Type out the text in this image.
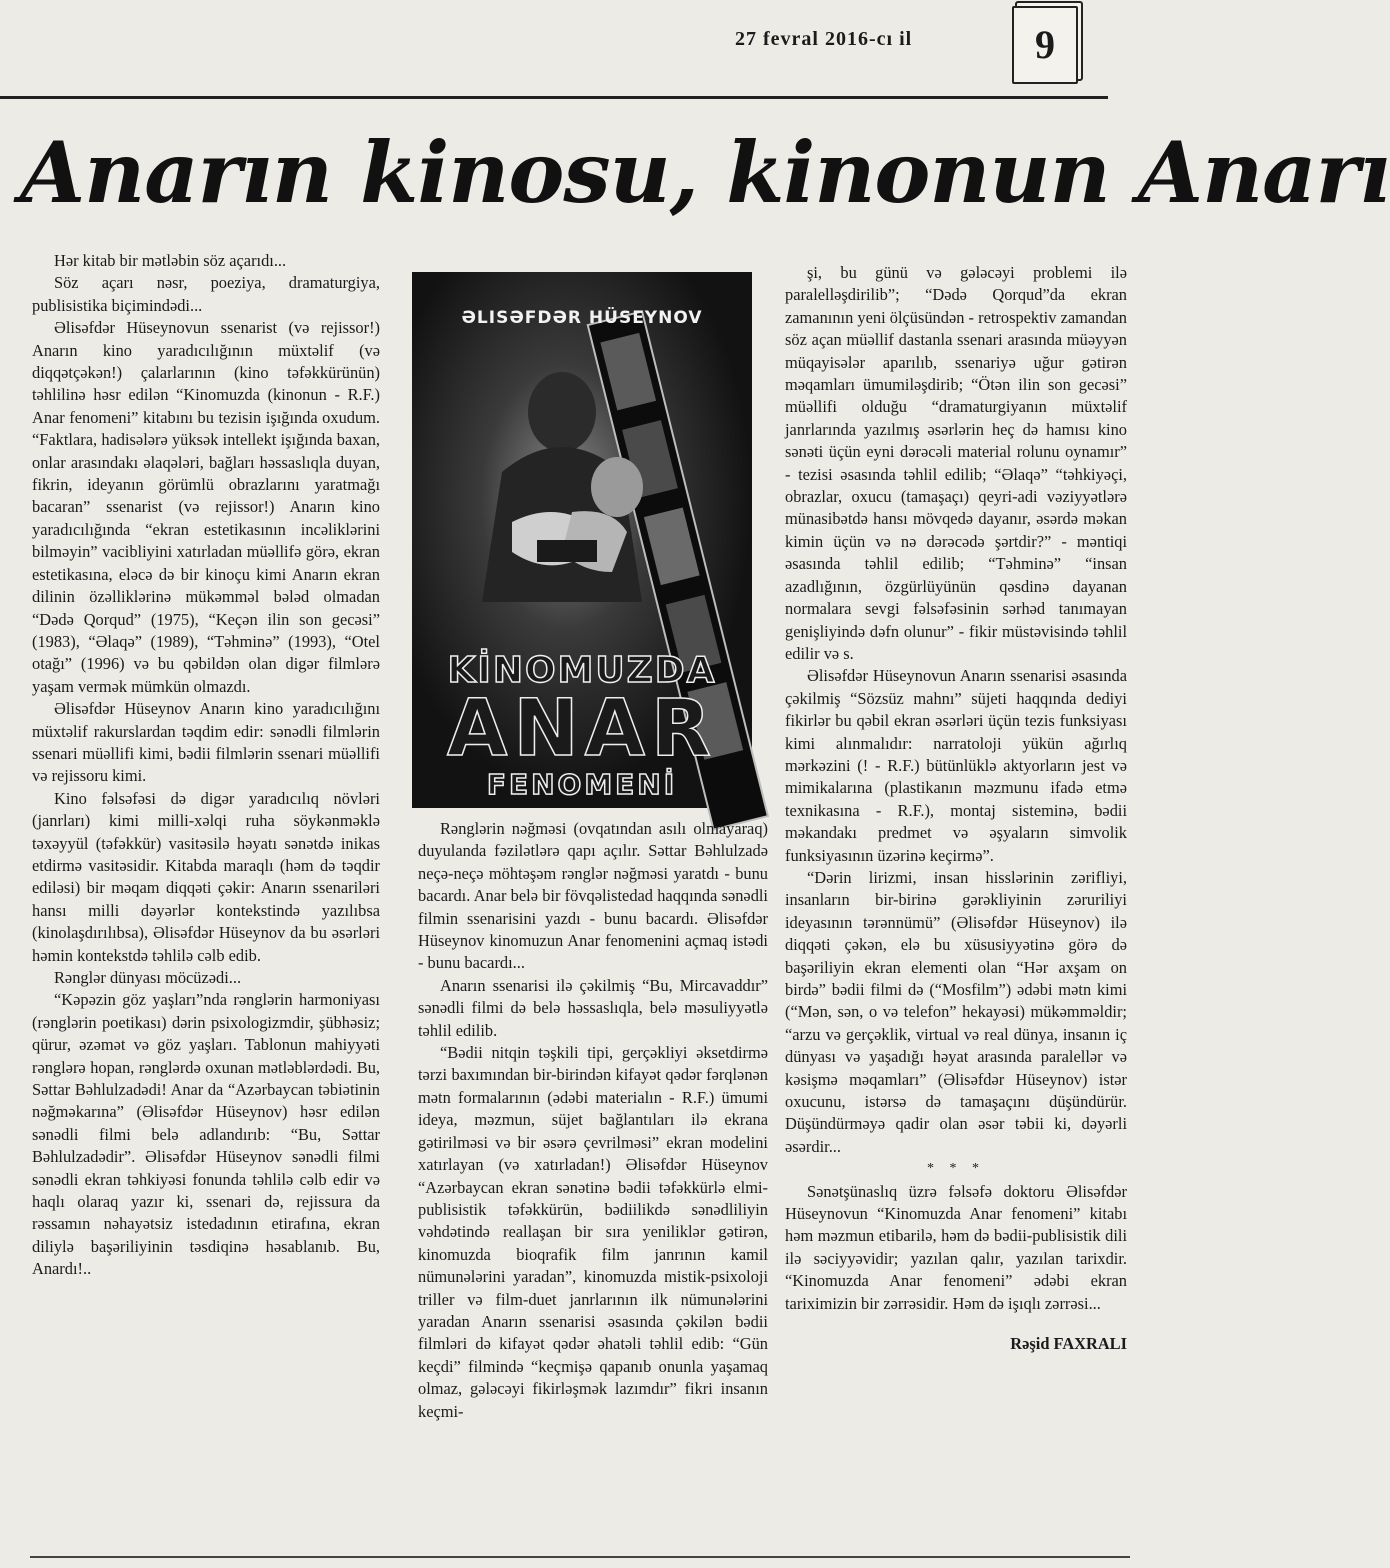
27 fevral 2016-cı il	9
Anarın kinosu, kinonun Anarı

Hər kitab bir mətləbin söz açarıdı...

Söz açarı nəsr, poeziya, dramaturgiya, publisistika biçimindədi...

Əlisəfdər Hüseynovun ssenarist (və rejissor!) Anarın kino yaradıcılığının müxtəlif (və diqqətçəkən!) çalarlarının (kino təfəkkürünün) təhlilinə həsr edilən “Kinomuzda (kinonun - R.F.) Anar fenomeni” kitabını bu tezisin işığında oxudum. “Faktlara, hadisələrə yüksək intellekt işığında baxan, onlar arasındakı əlaqələri, bağları həssaslıqla duyan, fikrin, ideyanın görümlü obrazlarını yaratmağı bacaran” ssenarist (və rejissor!) Anarın kino yaradıcılığında “ekran estetikasının incəliklərini bilməyin” vacibliyini xatırladan müəllifə görə, ekran estetikasına, eləcə də bir kinoçu kimi Anarın ekran dilinin özəlliklərinə mükəmməl bələd olmadan “Dədə Qorqud” (1975), “Keçən ilin son gecəsi” (1983), “Əlaqə” (1989), “Təhminə” (1993), “Otel otağı” (1996) və bu qəbildən olan digər filmlərə yaşam vermək mümkün olmazdı.

Əlisəfdər Hüseynov Anarın kino yaradıcılığını müxtəlif rakurslardan təqdim edir: sənədli filmlərin ssenari müəllifi kimi, bədii filmlərin ssenari müəllifi və rejissoru kimi.

Kino fəlsəfəsi də digər yaradıcılıq növləri (janrları) kimi milli-xəlqi ruha söykənməklə təxəyyül (təfəkkür) vasitəsilə həyatı sənətdə inikas etdirmə vasitəsidir. Kitabda maraqlı (həm də təqdir ediləsi) bir məqam diqqəti çəkir: Anarın ssenariləri hansı milli dəyərlər kontekstində yazılıbsa (kinolaşdırılıbsa), Əlisəfdər Hüseynov da bu əsərləri həmin kontekstdə təhlilə cəlb edib.

Rənglər dünyası möcüzədi...

“Kəpəzin göz yaşları”nda rənglərin harmoniyası (rənglərin poetikası) dərin psixologizmdir, şübhəsiz; qürur, əzəmət və göz yaşları. Tablonun mahiyyəti rənglərə hopan, rənglərdə oxunan mətləblərdədi. Bu, Səttar Bəhlulzadədi! Anar da “Azərbaycan təbiətinin nəğməkarına” (Əlisəfdər Hüseynov) həsr edilən sənədli filmi belə adlandırıb: “Bu, Səttar Bəhlulzadədir”. Əlisəfdər Hüseynov sənədli filmi sənədli ekran təhkiyəsi fonunda təhlilə cəlb edir və haqlı olaraq yazır ki, ssenari də, rejissura da rəssamın nəhayətsiz istedadının etirafına, ekran diliylə başəriliyinin təsdiqinə həsablanıb. Bu, Anardı!..

ƏLISƏFDƏR HÜSEYNOV
KİNOMUZDA
ANAR
FENOMENİ

Rənglərin nəğməsi (ovqatından asılı olmayaraq) duyulanda fəzilətlərə qapı açılır. Səttar Bəhlulzadə neçə-neçə möhtəşəm rənglər nəğməsi yaratdı - bunu bacardı. Anar belə bir fövqəlistedad haqqında sənədli filmin ssenarisini yazdı - bunu bacardı. Əlisəfdər Hüseynov kinomuzun Anar fenomenini açmaq istədi - bunu bacardı...

Anarın ssenarisi ilə çəkilmiş “Bu, Mircavaddır” sənədli filmi də belə həssaslıqla, belə məsuliyyətlə təhlil edilib.

“Bədii nitqin təşkili tipi, gerçəkliyi əksetdirmə tərzi baxımından bir-birindən kifayət qədər fərqlənən mətn formalarının (ədəbi materialın - R.F.) ümumi ideya, məzmun, süjet bağlantıları ilə ekrana gətirilməsi və bir əsərə çevrilməsi” ekran modelini xatırlayan (və xatırladan!) Əlisəfdər Hüseynov “Azərbaycan ekran sənətinə bədii təfəkkürlə elmi-publisistik təfəkkürün, bədiilikdə sənədliliyin vəhdətində reallaşan bir sıra yeniliklər gətirən, kinomuzda bioqrafik film janrının kamil nümunələrini yaradan”, kinomuzda mistik-psixoloji triller və film-duet janrlarının ilk nümunələrini yaradan Anarın ssenarisi əsasında çəkilən bədii filmləri də kifayət qədər əhatəli təhlil edib: “Gün keçdi” filmində “keçmişə qapanıb onunla yaşamaq olmaz, gələcəyi fikirləşmək lazımdır” fikri insanın keçmi-

şi, bu günü və gələcəyi problemi ilə paralelləşdirilib”; “Dədə Qorqud”da ekran zamanının yeni ölçüsündən - retrospektiv zamandan söz açan müəllif dastanla ssenari arasında müəyyən müqayisələr aparılıb, ssenariyə uğur gətirən məqamları ümumiləşdirib; “Ötən ilin son gecəsi” müəllifi olduğu “dramaturgiyanın müxtəlif janrlarında yazılmış əsərlərin heç də hamısı kino sənəti üçün eyni dərəcəli material rolunu oynamır” - tezisi əsasında təhlil edilib; “Əlaqə” “təhkiyəçi, obrazlar, oxucu (tamaşaçı) qeyri-adi vəziyyətlərə münasibətdə hansı mövqedə dayanır, əsərdə məkan kimin üçün və nə dərəcədə şərtdir?” - məntiqi əsasında təhlil edilib; “Təhminə” “insan azadlığının, özgürlüyünün qəsdinə dayanan normalara sevgi fəlsəfəsinin sərhəd tanımayan genişliyində dəfn olunur” - fikir müstəvisində təhlil edilir və s.

Əlisəfdər Hüseynovun Anarın ssenarisi əsasında çəkilmiş “Sözsüz mahnı” süjeti haqqında dediyi fikirlər bu qəbil ekran əsərləri üçün tezis funksiyası kimi alınmalıdır: narratoloji yükün ağırlıq mərkəzini (! - R.F.) bütünlüklə aktyorların jest və mimikalarına (plastikanın məzmunu ifadə etmə texnikasına - R.F.), montaj sisteminə, bədii məkandakı predmet və əşyaların simvolik funksiyasının üzərinə keçirmə”.

“Dərin lirizmi, insan hisslərinin zərifliyi, insanların bir-birinə gərəkliyinin zəruriliyi ideyasının tərənnümü” (Əlisəfdər Hüseynov) ilə diqqəti çəkən, elə bu xüsusiyyətinə görə də başəriliyin ekran elementi olan “Hər axşam on birdə” bədii filmi də (“Mosfilm”) ədəbi mətn kimi (“Mən, sən, o və telefon” hekayəsi) mükəmməldir; “arzu və gerçəklik, virtual və real dünya, insanın iç dünyası və yaşadığı həyat arasında paralellər və kəsişmə məqamları” (Əlisəfdər Hüseynov) istər oxucunu, istərsə də tamaşaçını düşündürür. Düşündürməyə qadir olan əsər təbii ki, dəyərli əsərdir...

* * *

Sənətşünaslıq üzrə fəlsəfə doktoru Əlisəfdər Hüseynovun “Kinomuzda Anar fenomeni” kitabı həm məzmun etibarilə, həm də bədii-publisistik dili ilə səciyyəvidir; yazılan qalır, yazılan tarixdir. “Kinomuzda Anar fenomeni” ədəbi ekran tariximizin bir zərrəsidir. Həm də işıqlı zərrəsi...

Rəşid FAXRALI
